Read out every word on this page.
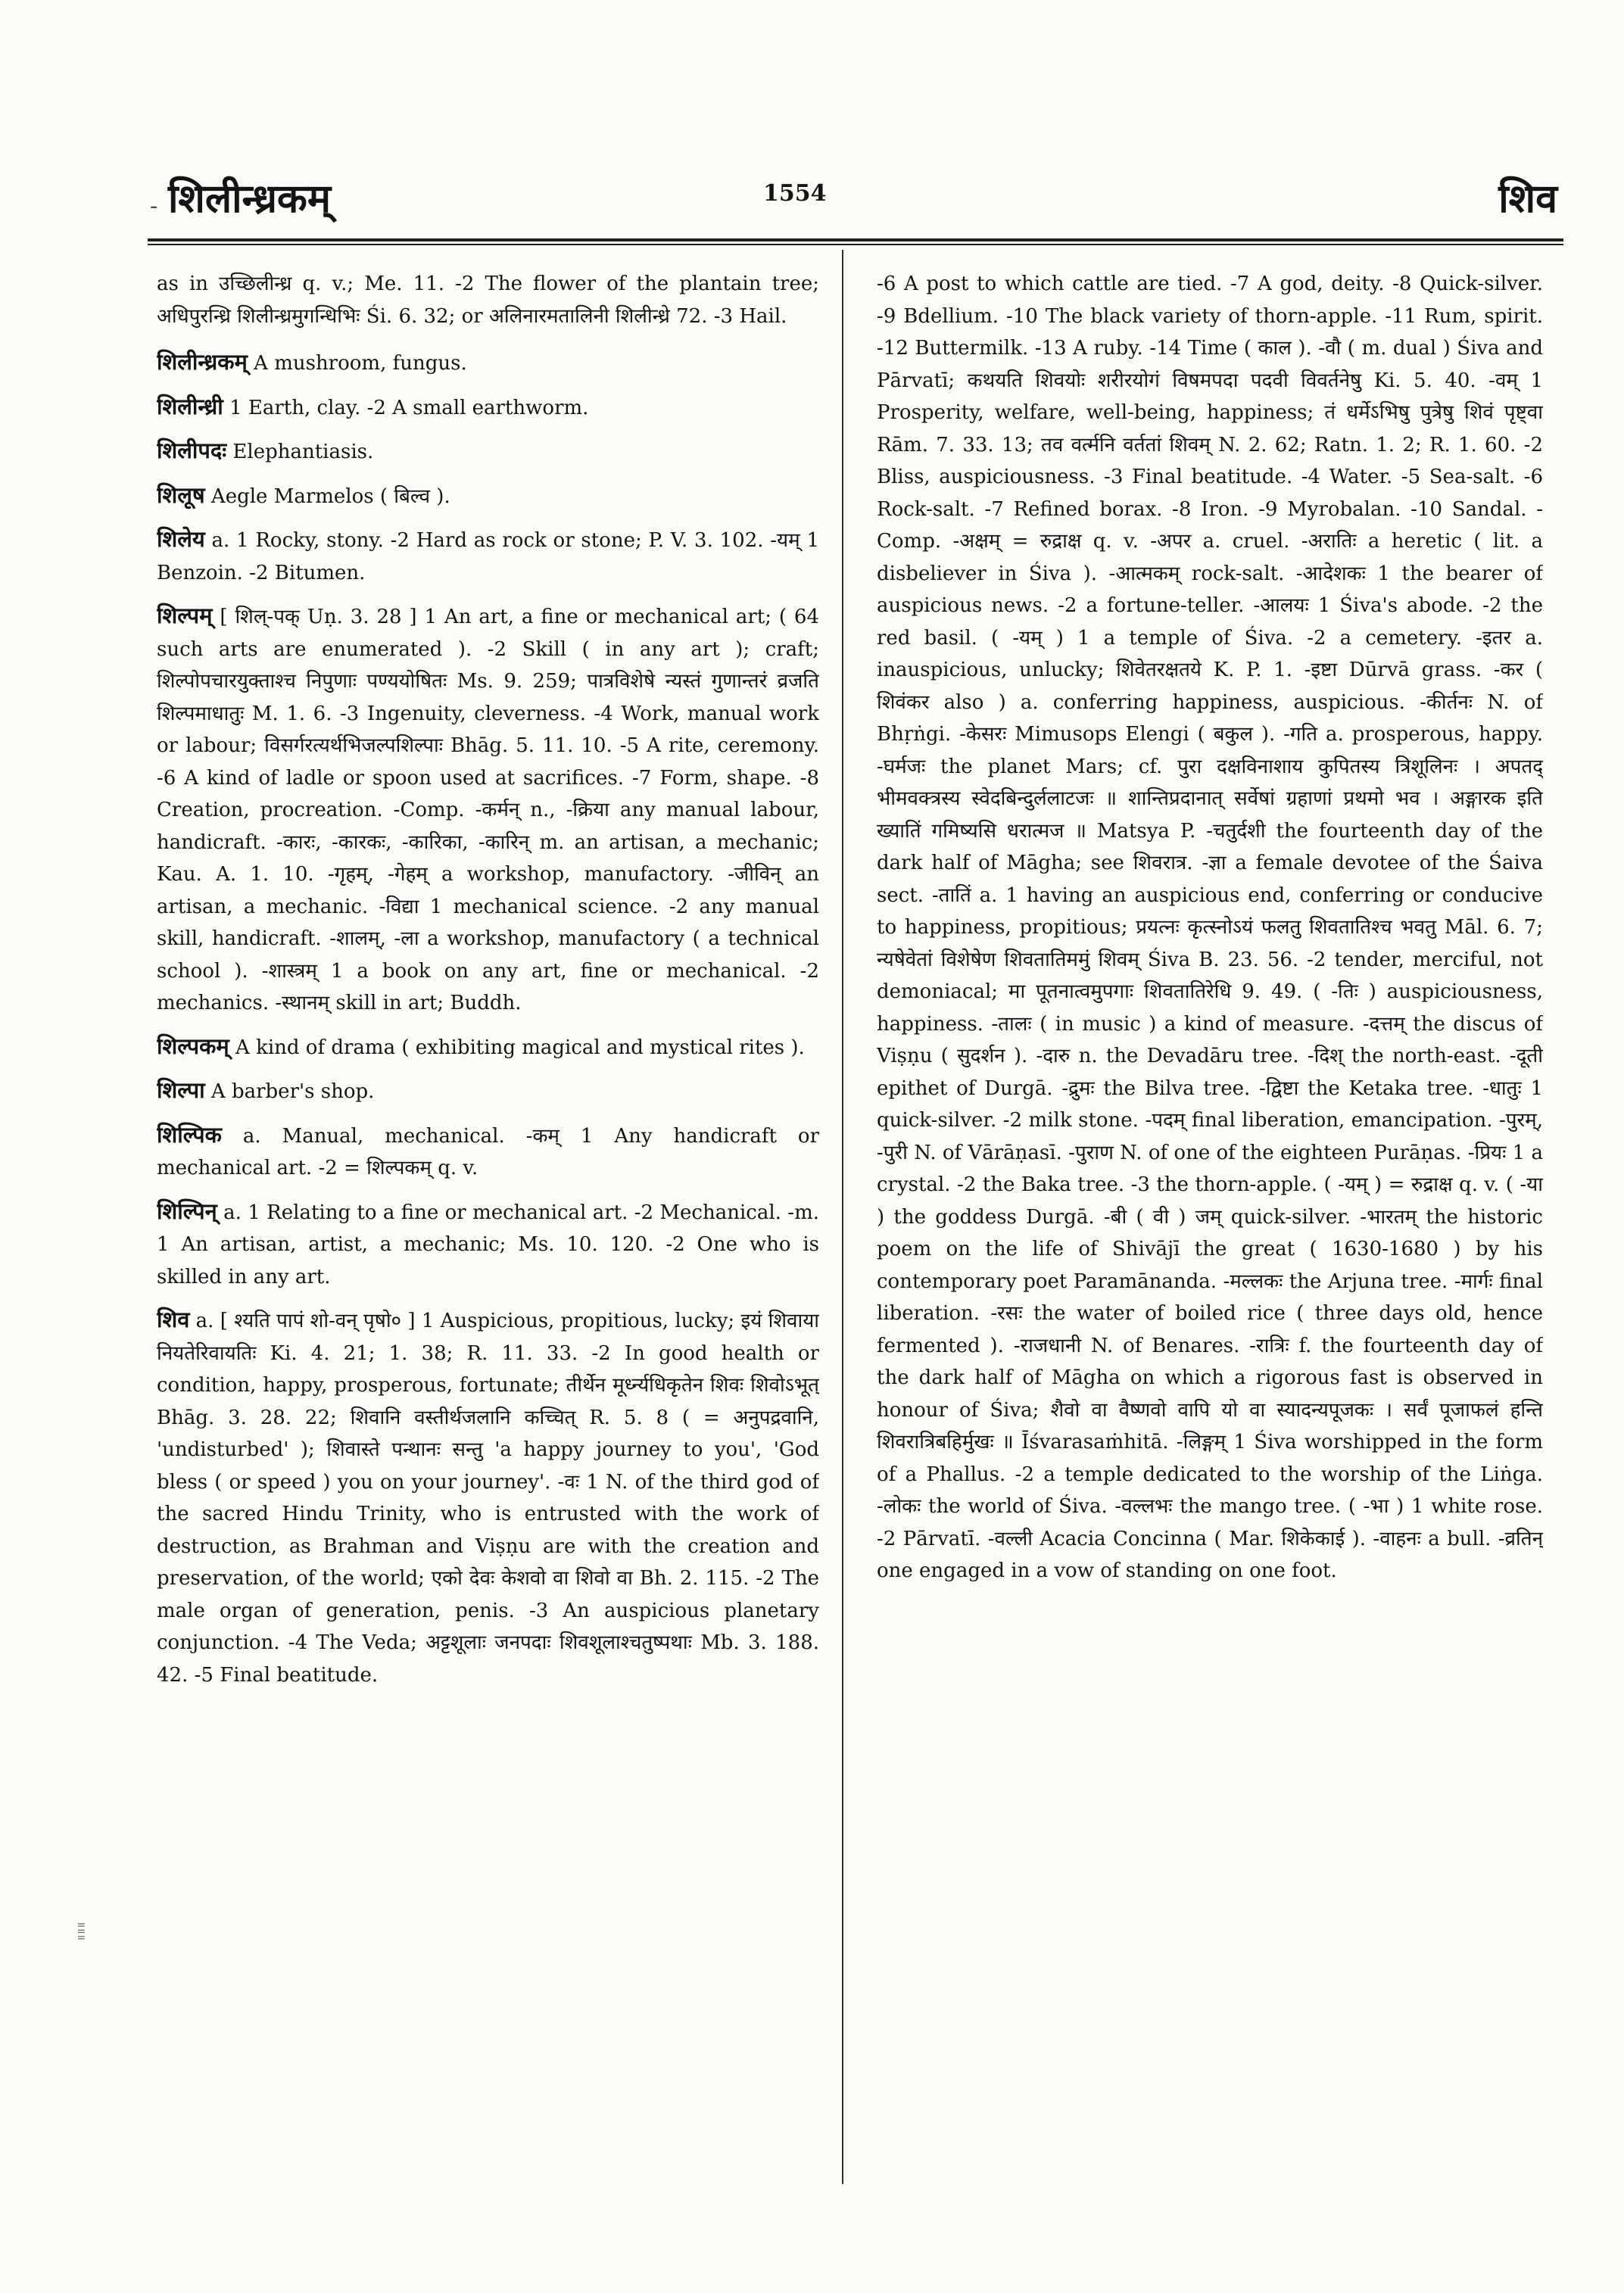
- शिलीन्ध्रकम्	1554	शिव

as in उच्छिलीन्ध्र q. v.; Me. 11. -2 The flower of the plantain tree; अधिपुरन्ध्रि शिलीन्ध्रमुगन्धिभिः Śi. 6. 32; or अलिनारमतालिनी शिलीन्ध्रे 72. -3 Hail.

शिलीन्ध्रकम् A mushroom, fungus.

शिलीन्ध्री 1 Earth, clay. -2 A small earthworm.

शिलीपदः Elephantiasis.

शिलूष Aegle Marmelos ( बिल्व ).

शिलेय a. 1 Rocky, stony. -2 Hard as rock or stone; P. V. 3. 102. -यम् 1 Benzoin. -2 Bitumen.

शिल्पम् [ शिल्-पक् Uṇ. 3. 28 ] 1 An art, a fine or mechanical art; ( 64 such arts are enumerated ). -2 Skill ( in any art ); craft; शिल्पोपचारयुक्ताश्च निपुणाः पण्ययोषितः Ms. 9. 259; पात्रविशेषे न्यस्तं गुणान्तरं व्रजति शिल्पमाधातुः M. 1. 6. -3 Ingenuity, cleverness. -4 Work, manual work or labour; विसर्गरत्यर्थभिजल्पशिल्पाः Bhāg. 5. 11. 10. -5 A rite, ceremony. -6 A kind of ladle or spoon used at sacrifices. -7 Form, shape. -8 Creation, procreation. -Comp. -कर्मन् n., -क्रिया any manual labour, handicraft. -कारः, -कारकः, -कारिका, -कारिन् m. an artisan, a mechanic; Kau. A. 1. 10. -गृहम्, -गेहम् a workshop, manufactory. -जीविन् an artisan, a mechanic. -विद्या 1 mechanical science. -2 any manual skill, handicraft. -शालम्, -ला a workshop, manufactory ( a technical school ). -शास्त्रम् 1 a book on any art, fine or mechanical. -2 mechanics. -स्थानम् skill in art; Buddh.

शिल्पकम् A kind of drama ( exhibiting magical and mystical rites ).

शिल्पा A barber's shop.

शिल्पिक a. Manual, mechanical. -कम् 1 Any handicraft or mechanical art. -2 = शिल्पकम् q. v.

शिल्पिन् a. 1 Relating to a fine or mechanical art. -2 Mechanical. -m. 1 An artisan, artist, a mechanic; Ms. 10. 120. -2 One who is skilled in any art.

शिव a. [ श्यति पापं शो-वन् पृषो० ] 1 Auspicious, propitious, lucky; इयं शिवाया नियतेरिवायतिः Ki. 4. 21; 1. 38; R. 11. 33. -2 In good health or condition, happy, prosperous, fortunate; तीर्थेन मूर्ध्न्यधिकृतेन शिवः शिवोऽभूत् Bhāg. 3. 28. 22; शिवानि वस्तीर्थजलानि कच्चित् R. 5. 8 ( = अनुपद्रवानि, 'undisturbed' ); शिवास्ते पन्थानः सन्तु 'a happy journey to you', 'God bless ( or speed ) you on your journey'. -वः 1 N. of the third god of the sacred Hindu Trinity, who is entrusted with the work of destruction, as Brahman and Viṣṇu are with the creation and preservation, of the world; एको देवः केशवो वा शिवो वा Bh. 2. 115. -2 The male organ of generation, penis. -3 An auspicious planetary conjunction. -4 The Veda; अट्टशूलाः जनपदाः शिवशूलाश्चतुष्पथाः Mb. 3. 188. 42. -5 Final beatitude.

-6 A post to which cattle are tied. -7 A god, deity. -8 Quick-silver. -9 Bdellium. -10 The black variety of thorn-apple. -11 Rum, spirit. -12 Buttermilk. -13 A ruby. -14 Time ( काल ). -वौ ( m. dual ) Śiva and Pārvatī; कथयति शिवयोः शरीरयोगं विषमपदा पदवी विवर्तनेषु Ki. 5. 40. -वम् 1 Prosperity, welfare, well-being, happiness; तं धर्मेऽभिषु पुत्रेषु शिवं पृष्ट्वा Rām. 7. 33. 13; तव वर्त्मनि वर्ततां शिवम् N. 2. 62; Ratn. 1. 2; R. 1. 60. -2 Bliss, auspiciousness. -3 Final beatitude. -4 Water. -5 Sea-salt. -6 Rock-salt. -7 Refined borax. -8 Iron. -9 Myrobalan. -10 Sandal. -Comp. -अक्षम् = रुद्राक्ष q. v. -अपर a. cruel. -अरातिः a heretic ( lit. a disbeliever in Śiva ). -आत्मकम् rock-salt. -आदेशकः 1 the bearer of auspicious news. -2 a fortune-teller. -आलयः 1 Śiva's abode. -2 the red basil. ( -यम् ) 1 a temple of Śiva. -2 a cemetery. -इतर a. inauspicious, unlucky; शिवेतरक्षतये K. P. 1. -इष्टा Dūrvā grass. -कर ( शिवंकर also ) a. conferring happiness, auspicious. -कीर्तनः N. of Bhṛṅgi. -केसरः Mimusops Elengi ( बकुल ). -गति a. prosperous, happy. -घर्मजः the planet Mars; cf. पुरा दक्षविनाशाय कुपितस्य त्रिशूलिनः । अपतद् भीमवक्त्रस्य स्वेदबिन्दुर्ललाटजः ॥ शान्तिप्रदानात् सर्वेषां ग्रहाणां प्रथमो भव । अङ्गारक इति ख्यातिं गमिष्यसि धरात्मज ॥ Matsya P. -चतुर्दशी the fourteenth day of the dark half of Māgha; see शिवरात्र. -ज्ञा a female devotee of the Śaiva sect. -तातिं a. 1 having an auspicious end, conferring or conducive to happiness, propitious; प्रयत्नः कृत्स्नोऽयं फलतु शिवतातिश्च भवतु Māl. 6. 7; न्यषेवेतां विशेषेण शिवतातिममुं शिवम् Śiva B. 23. 56. -2 tender, merciful, not demoniacal; मा पूतनात्वमुपगाः शिवतातिरेधि 9. 49. ( -तिः ) auspiciousness, happiness. -तालः ( in music ) a kind of measure. -दत्तम् the discus of Viṣṇu ( सुदर्शन ). -दारु n. the Devadāru tree. -दिश् the north-east. -दूती epithet of Durgā. -द्रुमः the Bilva tree. -द्विष्टा the Ketaka tree. -धातुः 1 quick-silver. -2 milk stone. -पदम् final liberation, emancipation. -पुरम्, -पुरी N. of Vārāṇasī. -पुराण N. of one of the eighteen Purāṇas. -प्रियः 1 a crystal. -2 the Baka tree. -3 the thorn-apple. ( -यम् ) = रुद्राक्ष q. v. ( -या ) the goddess Durgā. -बी ( वी ) जम् quick-silver. -भारतम् the historic poem on the life of Shivājī the great ( 1630-1680 ) by his contemporary poet Paramānanda. -मल्लकः the Arjuna tree. -मार्गः final liberation. -रसः the water of boiled rice ( three days old, hence fermented ). -राजधानी N. of Benares. -रात्रिः f. the fourteenth day of the dark half of Māgha on which a rigorous fast is observed in honour of Śiva; शैवो वा वैष्णवो वापि यो वा स्यादन्यपूजकः । सर्वं पूजाफलं हन्ति शिवरात्रिबहिर्मुखः ॥ Īśvarasaṁhitā. -लिङ्गम् 1 Śiva worshipped in the form of a Phallus. -2 a temple dedicated to the worship of the Liṅga. -लोकः the world of Śiva. -वल्लभः the mango tree. ( -भा ) 1 white rose. -2 Pārvatī. -वल्ली Acacia Concinna ( Mar. शिकेकाई ). -वाहनः a bull. -व्रतिन् one engaged in a vow of standing on one foot.

॥॥॥
